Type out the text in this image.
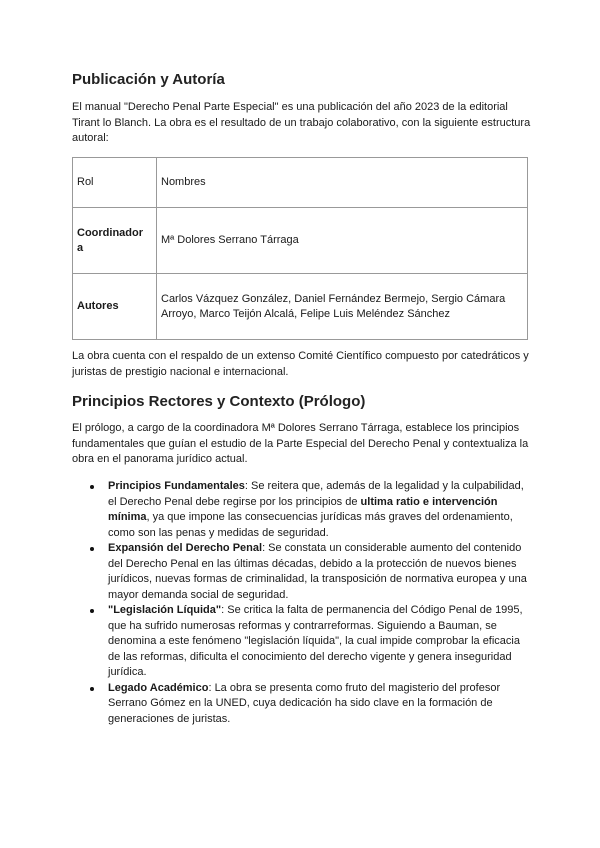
Publicación y Autoría

El manual "Derecho Penal Parte Especial" es una publicación del año 2023 de la editorial Tirant lo Blanch. La obra es el resultado de un trabajo colaborativo, con la siguiente estructura autoral:

Rol	Nombres
Coordinador a	Mª Dolores Serrano Tárraga
Autores	Carlos Vázquez González, Daniel Fernández Bermejo, Sergio Cámara Arroyo, Marco Teijón Alcalá, Felipe Luis Meléndez Sánchez

La obra cuenta con el respaldo de un extenso Comité Científico compuesto por catedráticos y juristas de prestigio nacional e internacional.

Principios Rectores y Contexto (Prólogo)

El prólogo, a cargo de la coordinadora Mª Dolores Serrano Tárraga, establece los principios fundamentales que guían el estudio de la Parte Especial del Derecho Penal y contextualiza la obra en el panorama jurídico actual.

Principios Fundamentales: Se reitera que, además de la legalidad y la culpabilidad, el Derecho Penal debe regirse por los principios de ultima ratio e intervención mínima, ya que impone las consecuencias jurídicas más graves del ordenamiento, como son las penas y medidas de seguridad.
Expansión del Derecho Penal: Se constata un considerable aumento del contenido del Derecho Penal en las últimas décadas, debido a la protección de nuevos bienes jurídicos, nuevas formas de criminalidad, la transposición de normativa europea y una mayor demanda social de seguridad.
"Legislación Líquida": Se critica la falta de permanencia del Código Penal de 1995, que ha sufrido numerosas reformas y contrarreformas. Siguiendo a Bauman, se denomina a este fenómeno "legislación líquida", la cual impide comprobar la eficacia de las reformas, dificulta el conocimiento del derecho vigente y genera inseguridad jurídica.
Legado Académico: La obra se presenta como fruto del magisterio del profesor Serrano Gómez en la UNED, cuya dedicación ha sido clave en la formación de generaciones de juristas.
